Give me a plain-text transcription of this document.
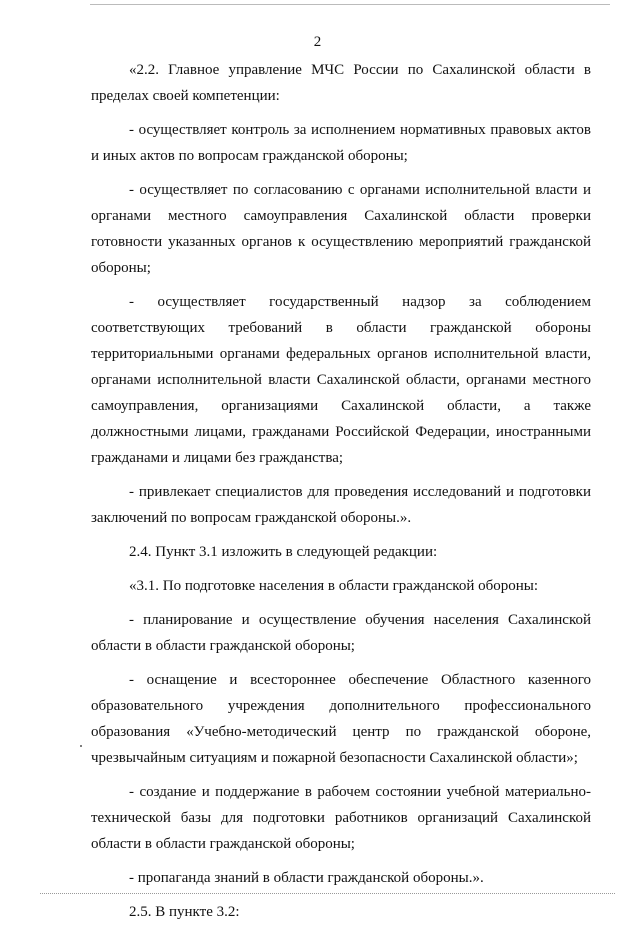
2

«2.2. Главное управление МЧС России по Сахалинской области в пределах своей компетенции:

- осуществляет контроль за исполнением нормативных правовых актов и иных актов по вопросам гражданской обороны;

- осуществляет по согласованию с органами исполнительной власти и органами местного самоуправления Сахалинской области проверки готовности указанных органов к осуществлению мероприятий гражданской обороны;

- осуществляет государственный надзор за соблюдением соответствующих требований в области гражданской обороны территориальными органами федеральных органов исполнительной власти, органами исполнительной власти Сахалинской области, органами местного самоуправления, организациями Сахалинской области, а также должностными лицами, гражданами Российской Федерации, иностранными гражданами и лицами без гражданства;

- привлекает специалистов для проведения исследований и подготовки заключений по вопросам гражданской обороны.».

2.4. Пункт 3.1 изложить в следующей редакции:

«3.1. По подготовке населения в области гражданской обороны:

- планирование и осуществление обучения населения Сахалинской области в области гражданской обороны;

- оснащение и всестороннее обеспечение Областного казенного образовательного учреждения дополнительного профессионального образования «Учебно-методический центр по гражданской обороне, чрезвычайным ситуациям и пожарной безопасности Сахалинской области»;

- создание и поддержание в рабочем состоянии учебной материально-технической базы для подготовки работников организаций Сахалинской области в области гражданской обороны;

- пропаганда знаний в области гражданской обороны.».

2.5. В пункте 3.2:
